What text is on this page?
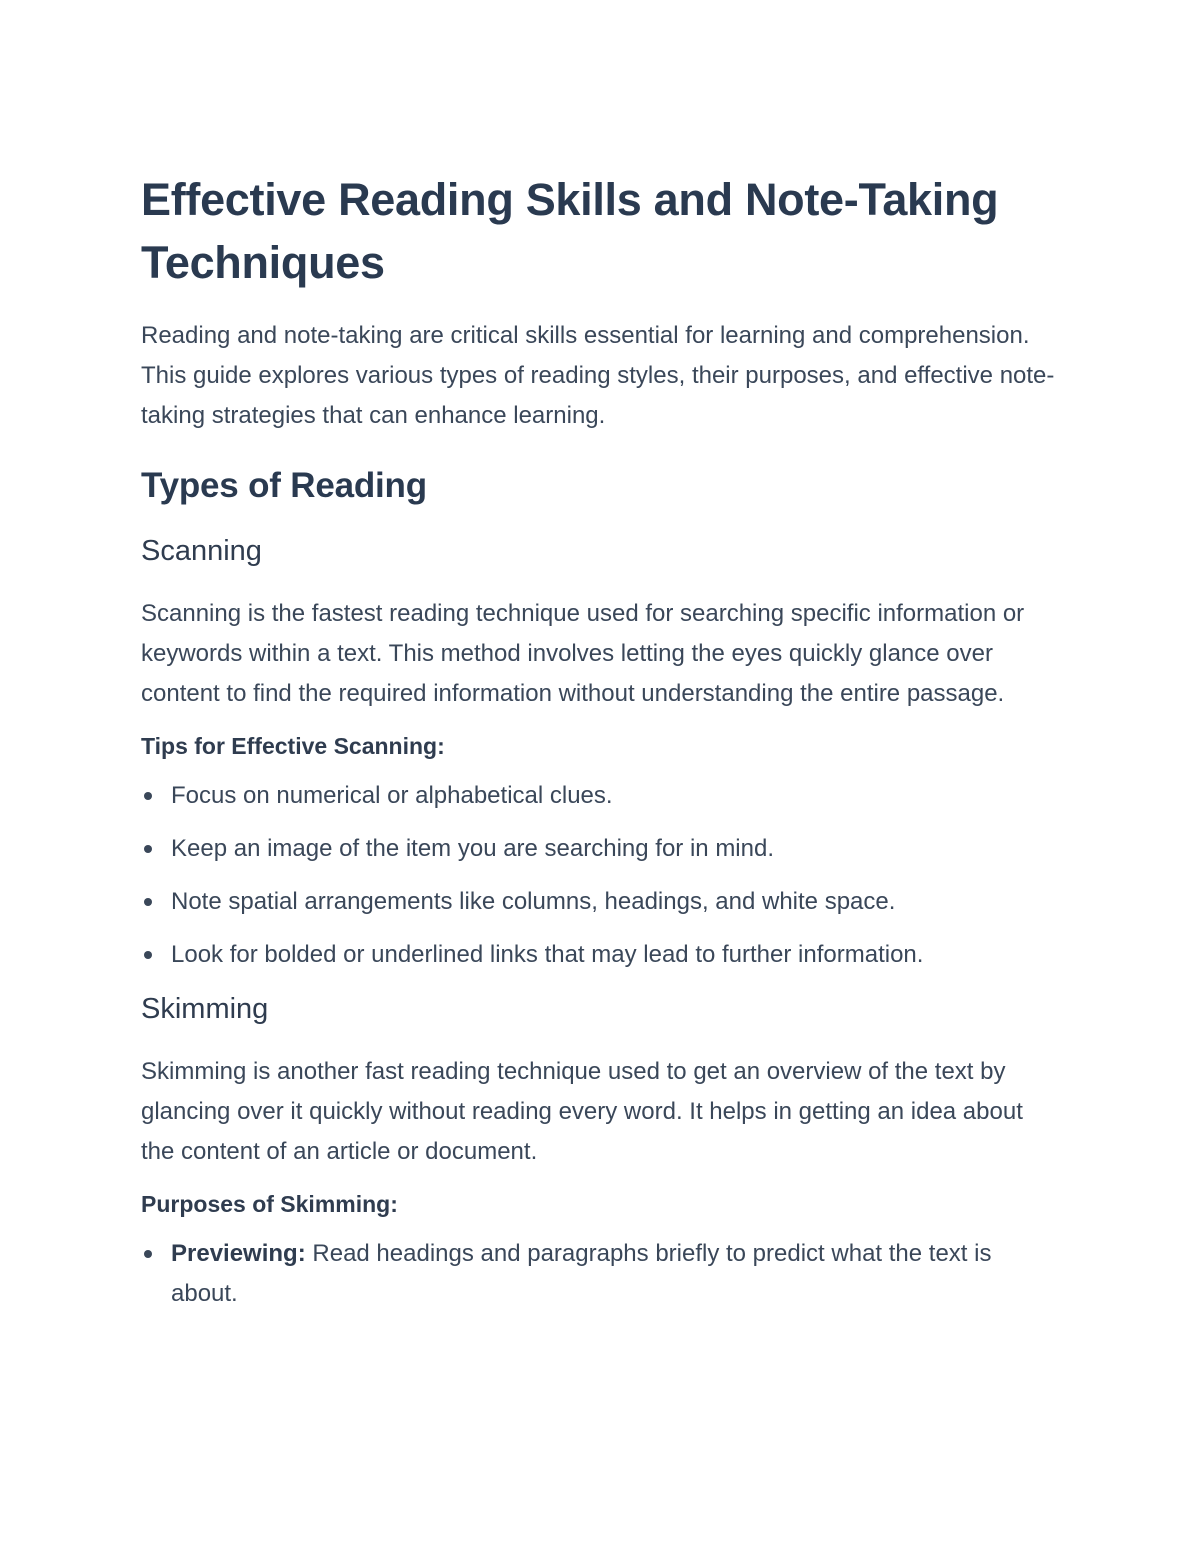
Effective Reading Skills and Note-Taking Techniques

Reading and note-taking are critical skills essential for learning and comprehension. This guide explores various types of reading styles, their purposes, and effective note-taking strategies that can enhance learning.

Types of Reading
Scanning

Scanning is the fastest reading technique used for searching specific information or keywords within a text. This method involves letting the eyes quickly glance over content to find the required information without understanding the entire passage.

Tips for Effective Scanning:
Focus on numerical or alphabetical clues.
Keep an image of the item you are searching for in mind.
Note spatial arrangements like columns, headings, and white space.
Look for bolded or underlined links that may lead to further information.
Skimming

Skimming is another fast reading technique used to get an overview of the text by glancing over it quickly without reading every word. It helps in getting an idea about the content of an article or document.

Purposes of Skimming:
Previewing: Read headings and paragraphs briefly to predict what the text is about.
